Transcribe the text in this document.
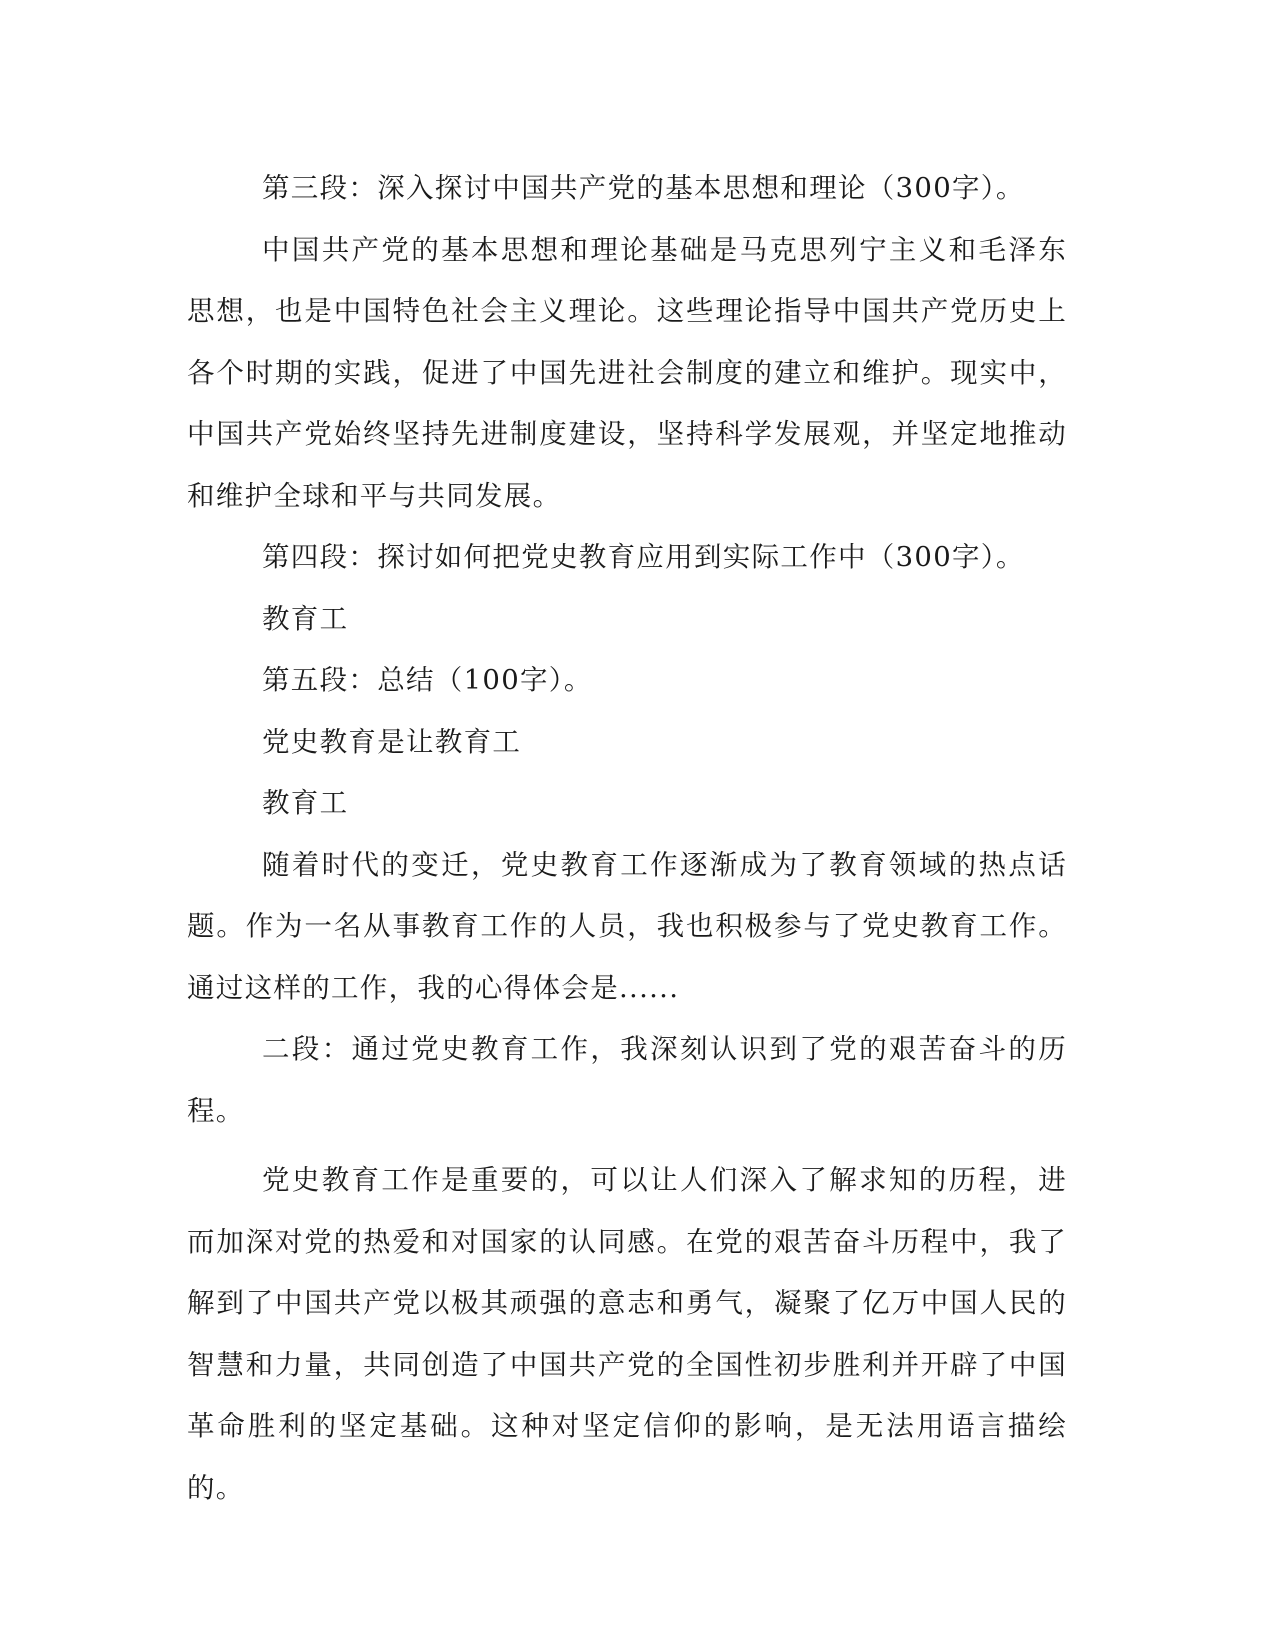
第三段：深入探讨中国共产党的基本思想和理论（300字）。

中国共产党的基本思想和理论基础是马克思列宁主义和毛泽东思想，也是中国特色社会主义理论。这些理论指导中国共产党历史上各个时期的实践，促进了中国先进社会制度的建立和维护。现实中，中国共产党始终坚持先进制度建设，坚持科学发展观，并坚定地推动和维护全球和平与共同发展。

第四段：探讨如何把党史教育应用到实际工作中（300字）。

教育工

第五段：总结（100字）。

党史教育是让教育工

教育工

随着时代的变迁，党史教育工作逐渐成为了教育领域的热点话题。作为一名从事教育工作的人员，我也积极参与了党史教育工作。通过这样的工作，我的心得体会是......

二段：通过党史教育工作，我深刻认识到了党的艰苦奋斗的历程。

党史教育工作是重要的，可以让人们深入了解求知的历程，进而加深对党的热爱和对国家的认同感。在党的艰苦奋斗历程中，我了解到了中国共产党以极其顽强的意志和勇气，凝聚了亿万中国人民的智慧和力量，共同创造了中国共产党的全国性初步胜利并开辟了中国革命胜利的坚定基础。这种对坚定信仰的影响，是无法用语言描绘的。
